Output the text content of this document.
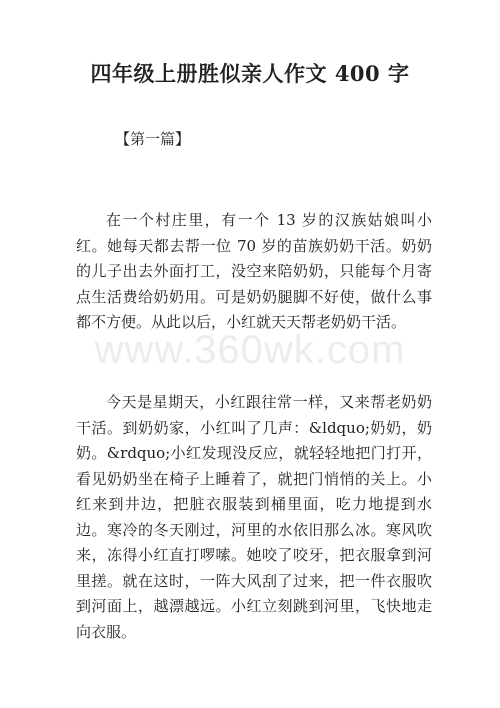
四年级上册胜似亲人作文 400 字
【第一篇】

在一个村庄里，有一个 13 岁的汉族姑娘叫小红。她每天都去帮一位 70 岁的苗族奶奶干活。奶奶的儿子出去外面打工，没空来陪奶奶，只能每个月寄点生活费给奶奶用。可是奶奶腿脚不好使，做什么事都不方便。从此以后，小红就天天帮老奶奶干活。

今天是星期天，小红跟往常一样，又来帮老奶奶干活。到奶奶家，小红叫了几声：&ldquo;奶奶，奶奶。&rdquo;小红发现没反应，就轻轻地把门打开，看见奶奶坐在椅子上睡着了，就把门悄悄的关上。小红来到井边，把脏衣服装到桶里面，吃力地提到水边。寒冷的冬天刚过，河里的水依旧那么冰。寒风吹来，冻得小红直打啰嗦。她咬了咬牙，把衣服拿到河里搓。就在这时，一阵大风刮了过来，把一件衣服吹到河面上，越漂越远。小红立刻跳到河里，飞快地走向衣服。

www.360wk.com
